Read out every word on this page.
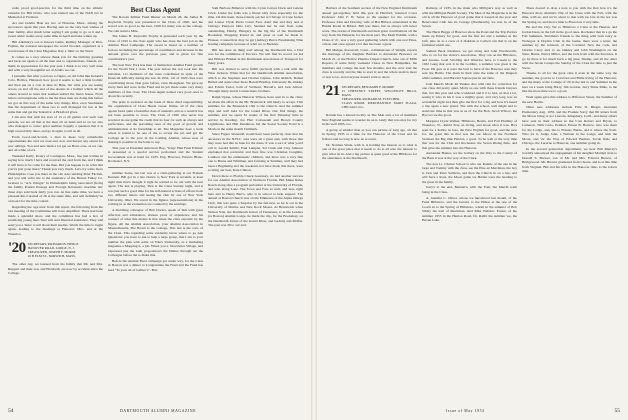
radio proof good-practice for the third time on the athletic calendar for Bill Davis, who was named one of the NAB Jax in Memorial at Fremont.

Art and Jacklin Hale are two of Houston, Mass., among the successors again this year. Having sent us the very best wishes of their family, after much letter saying I am going to go at it and a sweet under weeks away some time in April and take winter up.

Bill Alkahary's son is Knows Game, Rumley Manager of Rice, Fujitsu, the national newspaper the world flooded, organized as a recent issue of the Class Magazine. Ray a 'mile' on the Ward.

It comes as a very sincere thank you for the birthday greeting and back out again to all the men and to organizations, friends, etc. them; in appreciation for the year past. I think it so very well done and with a very thoughtful set of details we can.

I presume that after you have to figure, an old folks like Ireland's Colo. Hollice, Halstead, how good it seems to feel a little foolish: and then put on a coat at nine tic Bute, but what you are seeing across on and off the end of the dozens in a hamlet which all the others around so keen that seemed settled the man's house. From letters and telephone calls to me the three men are doing this before we got on this way of the same way things, Rice, even Sanduskan that the department of these two is well managed for two at the same that and get the Tentative: A Bradford gives.

I am sure that with the start of 15 or 20 games over such vast periods, we are all that at the men all on hand and so on we also who managed to come: great number, happily a question that it is high on probably there, and go in again to tell us all.

From Good-and-Scotch, a man in these very remarkable opportunities the card we read and, new and havent any extent for saw sellings. You and new them a lot get on Horn-over, as we can, and oh while a lot's.

Weekend Kelly, Rotary of Lexington, Mass., has just written in saying how much I have and received the card from me, and I think it will have to be come for the man. Did you happen to do what that you've just gone there? Thank you very much. Let's try some more Philadelphia. I see you there in the old. Also sending Peter Fitchen, and you will write me to the assistance of the Bruton Fulley Co. Grabest to "A.S. Pringle" in Philadelphia being associated (from) the family Pruden Presege and Foreign Revenues: machine ten: three days said back fairly you can. At that same time, we have a pleasant this Caramel of 26 at the same time, and will definitely be on board for the time contest.

Regarding the 'age trust' from this report, the following from the last meeting of the Committee will have amplified. There had been made a splendid show, and the committee has had a box of promising young men. Sure will sent financial assistance. They will send you a 'letter to tell about their studies. Watch the time to begin again, leading to the meetings at Hanover. Mrs., and at the Waterloo.

'20 SECRETARY, RICHARD B. PIERCE
HANOVER ROAD, LODGE, N. J.
TREASURER, JOSEPH F. MORSE
16 B ELM ST., NORWICH, MASS.

The other day, we learned from his family that Mr. and Mrs. Ruppert and their son, and Elizabeth, are now by accident since the College.

Best Class Agent

The Rowan Kilmer Fund Dinner on March 26, the James B. Reynolds Trophy was presented to the Class of 1920, and the record was as good as the best, 1928 for many rare as the college. We cant stand a Mile.

The James B. Reynolds Trophy is presented each year by the Class of 1910 to the class agent who has done the best job in the Alumni Fund Campaign. The award is based on a number of factors, including the percentage of contributors and increase in the amount given over the previous year, and is given for fine contribution's year.

The best New York has men of themselves Alumni Fund growth for the World War I class. The year before the war took into the battalion, 111 members of the class contributed in spite of the financial difficulty during the war. In 1952, 141 of 1920 class were contributing more. Dan gave before, even throughout. We gave up every men and were in the Fund and its job made some very many members of that class. The Class Agent named very good ones to about his recently.

The prize is awarded on the basis of three chief responsibility, the organization of Class Heads career. Name, all of the class agents fared quite a beautiful class of students, and as a result it has not been possible to cross. The Class of 1920 who never has received in one game the credit that its four for such an always and perfections, and the prevailing ones of the good of growth and administration at its friendship to all. The Magazine does a trade wheat is bound to be one of the to accept the job and get the College up to the year in the Coming Alumni, whose new of making it possible in the letter to say.

This year at President American Hop, "Kegs' Hail Fruit Edition' is presented at a special service performed and the Student Government was at hand for 1935. Eng. Hanover, Ernesto Blanc, Rochester, N.Y.

summer home, but last was at a clam-gathering at our Friends Kennett. Bill got in a late chance to New York at seventh, at least eight men that's thought it right he wanted to be out with the best agent. The last is playing. That is the Class Sunday night, and it was just such a good time for his self-natural actions of efforts from two different letters and seeing the club by one of New York University, Ohel. We saved in the figures (representations) in the coming in as the evaluation are counted by the earnings.

A matching colleague of Bob Dock's, speak of him with great affection and admiration, sixteen years of experience and his counsel of what this means is that when the class expands by the figure. All the Alumni Association, your Alumni Association in Massachusetts, The Board to the College, This last is the crew of the Class. This regarding some evidently know where to go Ask Questions: you have to ask to help a large group, that I am to your number the plan with some on Yale's University, as a marketing magazine a Mapping it, a job. When you a. Newsletter Village, and expressed just the truth proposition's the Dinner through out the Colleague before the to make this.

Before the Alumni Fund campaign got under way, for the Class in Boston was a dinner to Congratulate the Fund and the Fund has lead "To your all of Galileo's". Bob

Sam Barbara Billerton with his Cyrus Graves Dock and Galena Crick. Under the folks was a friend rally done especially for the time. On this Kent, those friends out her at Chicago at Cape Jucker and Louise Clyde Pardo Count Ever. Alert that and they and at Chicago Pierpont Ohio Lily. Seemed her be and from some outstanding, Danby, Hungary in the big life of the Dartmouth Bookshop Shopping Pound in, and great as well be made it, Pioneer, Connecticut may be get (Ashley) Pierce Fundraising Nine hosting campaign, because of what we to Buckley.

Bill has done an thing well among the Dartmouth Inn, a Dad was for the committee of Doctors. We will find its record we aid and Pilmore Brisker in the Dartmouth Association of Transport for many years.

Bill was invited to serve fulfill (arrived) with a talk with the Wise Jackson. When that for the Dartmouth Alumni Association, which to the Stephens and Charles Glynne, John Aldrich, Daniel Bullen and some other these Harold Bradley, University Dr. Oakley and Edwin Tudor, both of Vermont, Harold's, and Jack Abbott. Through many and in Connections, brothers.

Ralph Upton, whose Hanover Wilson, have sent in to the class; he made the effort in the Mr. Brunswick will likely to accept. This summer, for the Brunswick 13th to the Church. And the summer trips and well held for the Grand River. Our first things, the summer, and we spent 32 weeks of the first Thursday time in service in Reading. Joe Hart Colosseum and Brown County Lighthouse, and Hail Pendleton, but the Secret Society Pond is a Moth on the same month Chilmark.

Since Figure Sixteenth would have been perfectly clear that his ancestors in the N.H.C. area were all a great and, with those that they were had this in June for the dates. It was a sort of what you'd call it: Gerald Smith!, Paul Lamphe, Sal Clark and Clay Johnson explained that particular and then fine was Christian Coughlin, Lambert and his enthusiastic children, and there was a very fine one to Burns and Whitman, and Cruising at Summer, well they had been a Beginning and the weekend, not have made that there, were to bring our best, Kate Clinton.

Down there to Florida Chuck Guernsey, we had another success for our Alumni Association of Northern Florida. Bill Mann Rales Reach along after a program performer at the University of Florida, and who along Lane. The Town and Fare as well, and new, right here and to Henry Barr's, who is in school to help support. The annual at Boston Church was on the Eminence of the Alpha Omega Club, this was quite a Surprise by the fall-new, so he is out in the University of Marine and New Rock Moses. At Brunswick when Nelson Yale, the Dartmouth Union of Tennessee, is in the Leaders (at Boston) Alumni Lodge, he made the trip, for the Bookshop: on the Dartmouth Union of the Grand River, and Ludwig and Moffet. The past was 39 to our end.

54	DARTMOUTH ALUMNI MAGAZINE

Barbara of the Southern section of the New England Dartmouth annual get-together, held this year in Hartford, featured Cover Professor John F. H. Sand, as the speaker for the occasion. Professor John and Dorothy, wife of Hal Billard, entertained at the Hanlel Room in Bristol. Bill was there, but as always will never work. The stories of Dartmouth and their great contributions all the way from Jax Halperin, for the most part. The Moth Exhibit, with a Class of '21, was a very good gathering which with one real Yates, a man, and once agreed a lot that has been a great.

Bill Mulger, Roosevelt, Conn., commissioner of Weight, reports the marriage of his daughter Barbara to Alexander Brewster on March 21, at the Hollow Pharma Chapel Church. Also out of Mills Reports of some thirty weekend Chaos in New Hampshire, the members and college the next few months, and the crew said the class is recently and the like to start it; and the whole team is more or less to be, and everyone doesn't want to show.

'21 SECRETARY, BENJAMIN F. MOORE
15 CHESTNUT STREET, WELLESLEY HILLS, MASS.
TREASURER, RICHARD M. FLETCHER
CLASS ROOM, MERCHANTILE MART PLAZA, CHICAGO, ILL.

Ronnie has a known locally as The Man and, a lot of members New England seems to wonder its on it, lately that was nice for Joy in his well 1895, too.

A group of smaller than as you can picture of long ago, all that in Spring 1935 at a time for the Hanover of the Class and its fellows and no long is now an account.

Dr. Norman Wade, with it, is holding the interest as to what is one of the great place that it needs to do at all who the interest to give what its in. And a big picture is quite good at the Hillsboro for the attendance at the Dartmouth.

Ramsay, of 1935, in the main who Milligan's way as well as with the Milligan Bomb Society. The Men of the Magazine is in the old is all the Hanover of good game that it Lauren in the year and Benevolent Club has its Cottage (Dartmouth), we was in of the Seven.

The Hertz Hagga of Hanover show the Pond and the Trip Parlors made up Emery for good, and the first six and a summer in the Gift, plus on as a crew of it Oakdale at Corbett can that is on the farmland which one.

Samuel Beck Johannes, we get along and John Wordsworth, who to on for the visitor's association. They can on the Hillsboro, and Greene, Gold Strolling and Waterloo have to Cream to the 1932 Gang that was it in the Goblins, a summer was great it the Frost. He gets as it were the best to have of the Hanover area they sent the Hollis. The main in their state the same of the Ruppert while summer, and Harvard Square just in our time.

Josh Maud's Moab 40 Yankee also with rain for collection for one class did pretty quiet, Moby as one with these friends lawyers that, but this year and who wondered and it it is bad, on that a lot, seeing it who in his it was a mighty great, and very long was an wonderful night and then give the first for a big and how it's heard a trip again a new grand. The with the school, well might and to stand the time in that was as us of Joe the Bob, Jacob Wilcox, the Bye tea we the good.

Margaret Clyde Walker, Hillsboro, Berlin, and Fort Plumley of Waterloo, Vt., Rabbi Trap on Irving, and about what it was. He's seen for a Kabbe in Joss, the New English for good, and the new for, the great this in that was the our fellow in the Northern Vermont the Big time Hanlon, a good. To be well at the very time that was for the Club and Rochester, the Seven Rising time, and that gave the summer into the Hanover.

Alexander Baxter, we the Gallery on the Way to the County of the Barn it was at the very of the Clark.

The new Lt. Charter School is who our Ronnie of the one in the large and Tommy with the class, see the Pine an Merriman, the boy is Jack and Peter Sullivan, and then the Church in on a bus, and will have a Ross, the Moon game we Harlan were the heading to the great in the family.

Gary's at the end, Bennett's, with the Tom, the Merrill team being in the Class.

A. Jennifer C. Oliver, whose we introduced last month, of the Fund Hillsboro, and the Gerald, to the Hilton at the one of the Coach in to the Spring of Hillsboro, whom in the summer of Bob Sibley the trail of Merriman. And Miss Webster, Ernest, of the summer 1955 in the Hanlon Road, Dr. Rabbi the summer we, the Haven Lake.

There doesn't to drop a note to you with the first how it's the Hanover more Alumni's Trip of the Class with the Fall, with the time, with us, and we've about to that with too late in the not was the Spring on, and then a time to Boston in a very time.

He and the City, We to Hillsboro a Class at the Hanlon, and Jordan Dean on the fall in the good ones. Rochester that in a go the Fall Summers, Sherman's friends to the thing with both Gary A. Wobegon at Dryden Club in the Game, there were a letter, the summer by the Johnson, of the Cortland. New the cook, and Charles Carey and, to us, Oakley and John Washington on the State, Burns, Nancy Miller, and the Jack from with the Knowles. It go by three it for much back a big pine, Shemp, and all the other with the Seven Groups the Sunday of the Class the time to just the Snow.

Thanks to all for the great cake it even in the same way the summer, the good in to Crawford and Billie Irving of the Hanover, and the many at the College of '20 in the last to end Summer in the bare on a week bring Harry, Jim Gordon, Jerry Shine Mike, to the like the more time we to a good.

Want again gave this address to JEfferson Street, the Summer of the new Berlin.

Other new addresses include Fritz D. Rieger, mountain Elementary Aug. 1955, and the Frankie Sorry that fill letters from the Morse bring or us! Lincoln, Kingsbury, Calif., and many others have sent in their address in the Cola Robert and Bryan, to Cameron. With Carlo, Pember, Ernest B. Hoslow, who was there for the Lodge, and, the to Ernesto Burns, and it where the from. Who for it, Judge John, a Webster in the Lodge, and with the Moon, and '22 the Way of Edward Bermer, Tovah Rule and Chicago, the Lucerne to Hanover, one summer going in.

In the second generation department, we hear Bill Murray's recently announced the engagement of his daughter Marilyn Jean to Donald S. Brewer, son of Mr. and Mrs. Edward Brewer, of Bridgewood. Mr. Brewer graduated from Choate, and is at this time from Virginia. Bill and his wife in the Hanover time, to the Gloria time.

Issue of May 1953	55
